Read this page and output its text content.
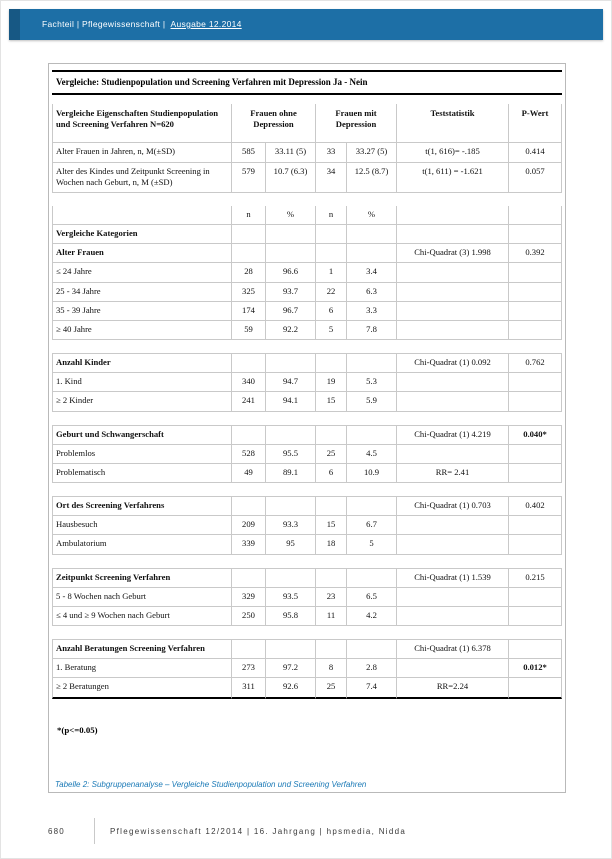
Fachteil | Pflegewissenschaft | Ausgabe 12.2014
Vergleiche: Studienpopulation und Screening Verfahren mit Depression Ja - Nein
Vergleiche Eigenschaften Studienpopulation und Screening Verfahren N=620	Frauen ohne Depression		Frauen mit Depression		Teststatistik	P-Wert
Alter Frauen in Jahren, n, M(±SD)	585	33.11 (5)	33	33.27 (5)	t(1, 616)= -.185	0.414
Alter des Kindes und Zeitpunkt Screening in Wochen nach Geburt, n, M (±SD)	579	10.7 (6.3)	34	12.5 (8.7)	t(1, 611) = -1.621	0.057

	n	%	n	%		
Vergleiche Kategorien						
Alter Frauen					Chi-Quadrat (3) 1.998	0.392
≤ 24 Jahre	28	96.6	1	3.4		
25 - 34 Jahre	325	93.7	22	6.3		
35 - 39 Jahre	174	96.7	6	3.3		
≥ 40 Jahre	59	92.2	5	7.8		

Anzahl Kinder					Chi-Quadrat (1) 0.092	0.762
1. Kind	340	94.7	19	5.3		
≥ 2 Kinder	241	94.1	15	5.9		

Geburt und Schwangerschaft					Chi-Quadrat (1) 4.219	0.040*
Problemlos	528	95.5	25	4.5		
Problematisch	49	89.1	6	10.9	RR= 2.41	

Ort des Screening Verfahrens					Chi-Quadrat (1) 0.703	0.402
Hausbesuch	209	93.3	15	6.7		
Ambulatorium	339	95	18	5		

Zeitpunkt Screening Verfahren					Chi-Quadrat (1) 1.539	0.215
5 - 8 Wochen nach Geburt	329	93.5	23	6.5		
≤ 4 und ≥ 9 Wochen nach Geburt	250	95.8	11	4.2		

Anzahl Beratungen Screening Verfahren					Chi-Quadrat (1) 6.378	
1. Beratung	273	97.2	8	2.8		0.012*
≥ 2 Beratungen	311	92.6	25	7.4	RR=2.24	

*(p<=0.05)

Tabelle 2: Subgruppenanalyse – Vergleiche Studienpopulation und Screening Verfahren

680	Pflegewissenschaft 12/2014 | 16. Jahrgang | hpsmedia, Nidda
